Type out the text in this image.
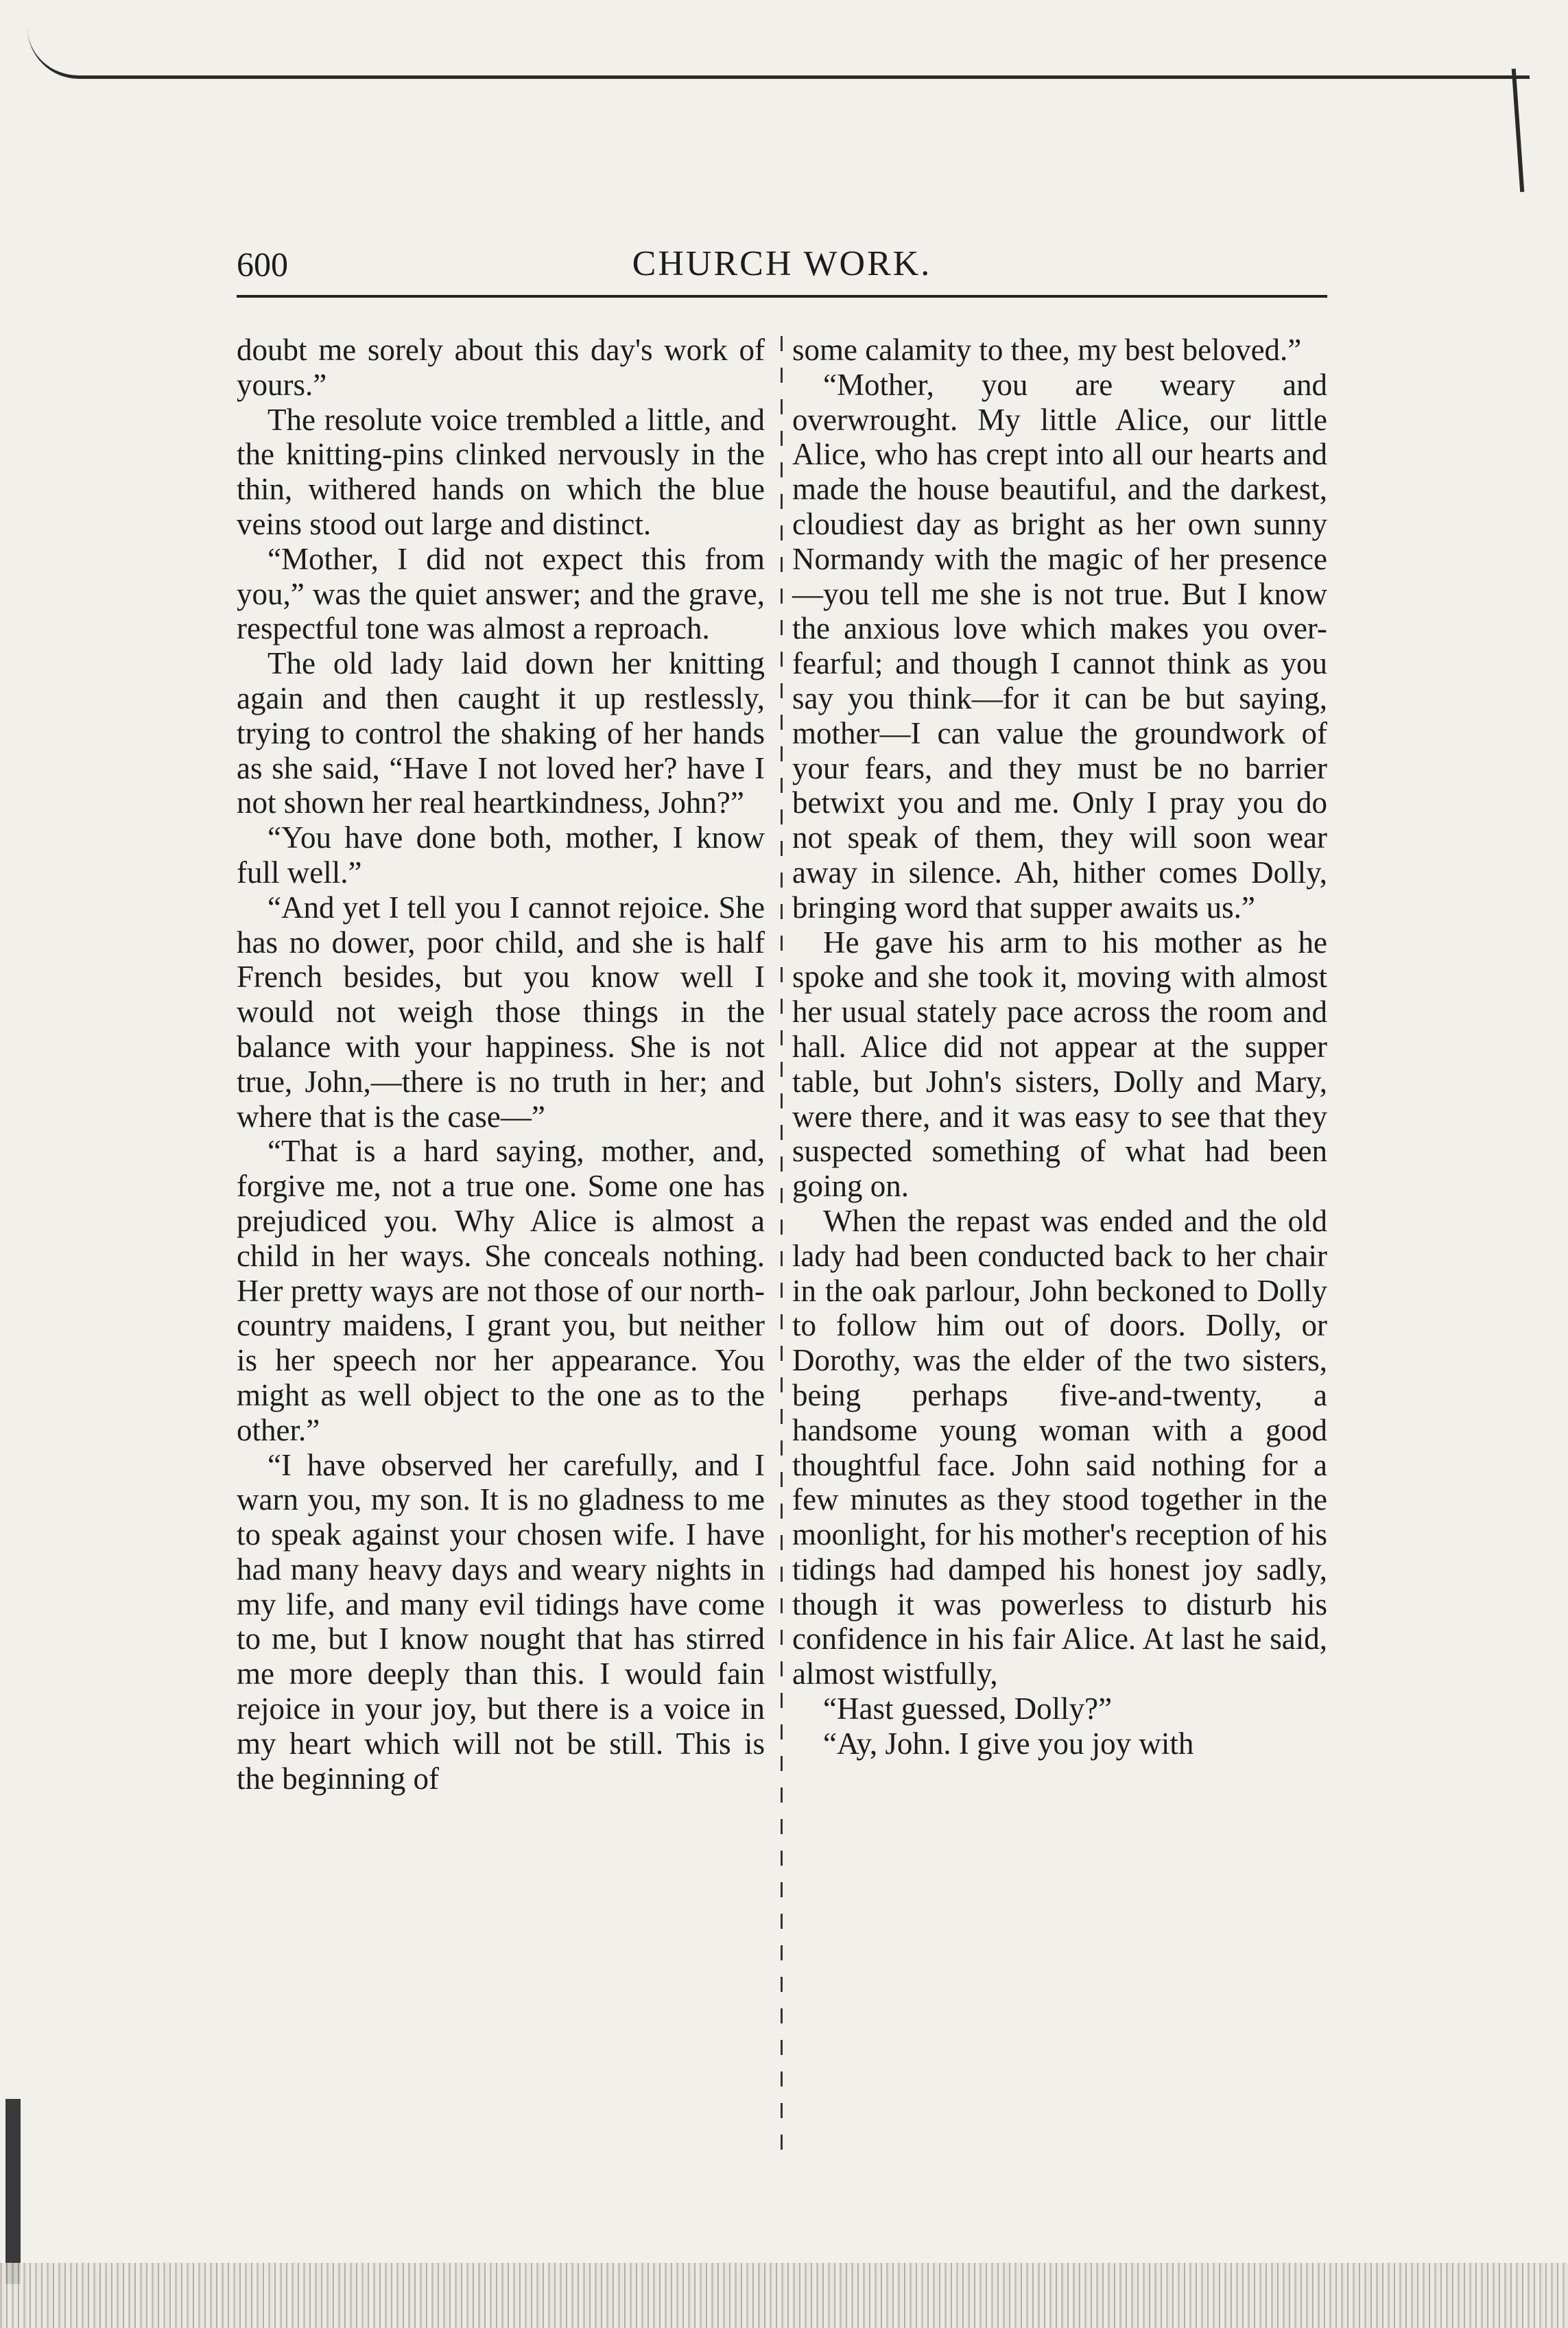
600	CHURCH WORK.

doubt me sorely about this day's work of yours.”

The resolute voice trembled a little, and the knitting-pins clinked nervously in the thin, withered hands on which the blue veins stood out large and distinct.

“Mother, I did not expect this from you,” was the quiet answer; and the grave, respectful tone was almost a reproach.

The old lady laid down her knitting again and then caught it up restlessly, trying to control the shaking of her hands as she said, “Have I not loved her? have I not shown her real heartkindness, John?”

“You have done both, mother, I know full well.”

“And yet I tell you I cannot rejoice. She has no dower, poor child, and she is half French besides, but you know well I would not weigh those things in the balance with your happiness. She is not true, John,—there is no truth in her; and where that is the case—”

“That is a hard saying, mother, and, forgive me, not a true one. Some one has prejudiced you. Why Alice is almost a child in her ways. She conceals nothing. Her pretty ways are not those of our north-country maidens, I grant you, but neither is her speech nor her appearance. You might as well object to the one as to the other.”

“I have observed her carefully, and I warn you, my son. It is no gladness to me to speak against your chosen wife. I have had many heavy days and weary nights in my life, and many evil tidings have come to me, but I know nought that has stirred me more deeply than this. I would fain rejoice in your joy, but there is a voice in my heart which will not be still. This is the beginning of

some calamity to thee, my best beloved.”

“Mother, you are weary and overwrought. My little Alice, our little Alice, who has crept into all our hearts and made the house beautiful, and the darkest, cloudiest day as bright as her own sunny Normandy with the magic of her presence—you tell me she is not true. But I know the anxious love which makes you over-fearful; and though I cannot think as you say you think—for it can be but saying, mother—I can value the groundwork of your fears, and they must be no barrier betwixt you and me. Only I pray you do not speak of them, they will soon wear away in silence. Ah, hither comes Dolly, bringing word that supper awaits us.”

He gave his arm to his mother as he spoke and she took it, moving with almost her usual stately pace across the room and hall. Alice did not appear at the supper table, but John's sisters, Dolly and Mary, were there, and it was easy to see that they suspected something of what had been going on.

When the repast was ended and the old lady had been conducted back to her chair in the oak parlour, John beckoned to Dolly to follow him out of doors. Dolly, or Dorothy, was the elder of the two sisters, being perhaps five-and-twenty, a handsome young woman with a good thoughtful face. John said nothing for a few minutes as they stood together in the moonlight, for his mother's reception of his tidings had damped his honest joy sadly, though it was powerless to disturb his confidence in his fair Alice. At last he said, almost wistfully,

“Hast guessed, Dolly?”

“Ay, John. I give you joy with
